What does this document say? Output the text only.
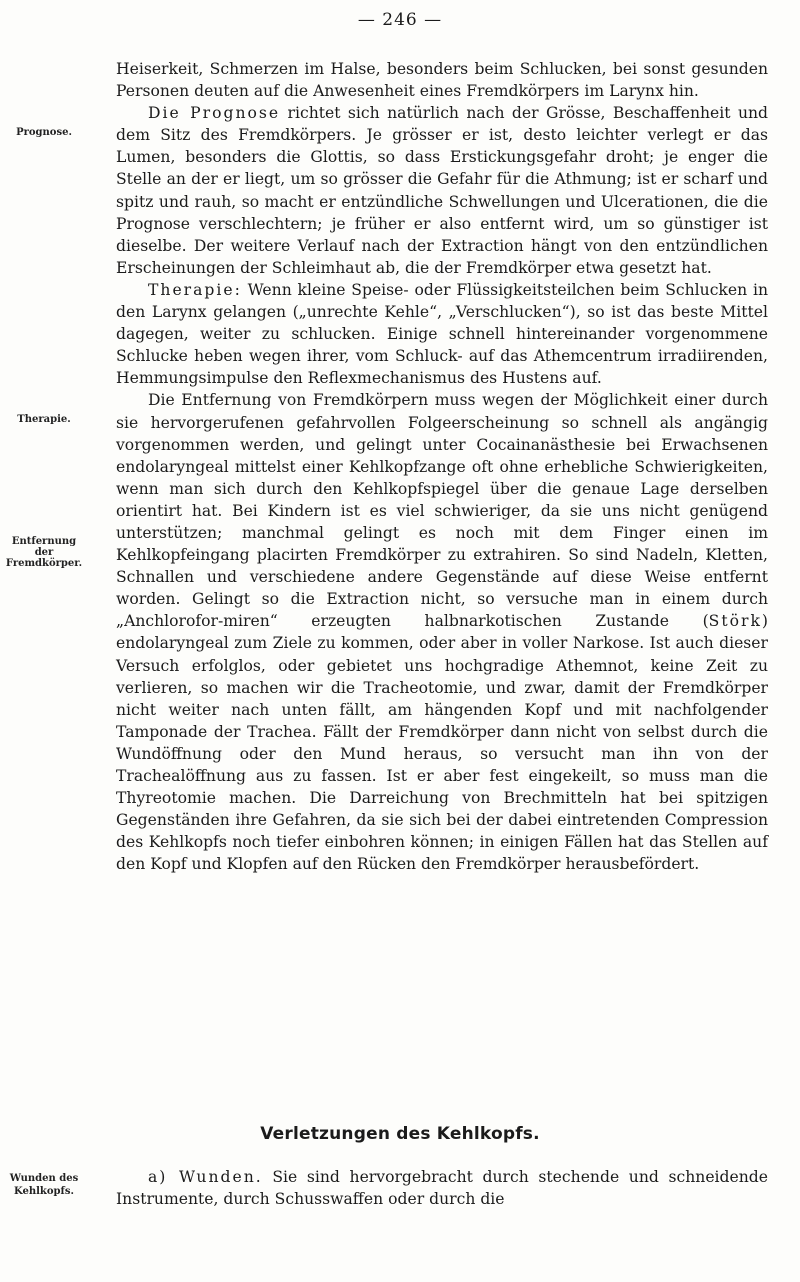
— 246 —
Prognose.
Therapie.
Entfernung
der
Fremdkörper.
Wunden des
Kehlkopfs.

Heiserkeit, Schmerzen im Halse, besonders beim Schlucken, bei sonst gesunden Personen deuten auf die Anwesenheit eines Fremdkörpers im Larynx hin.

Die Prognose richtet sich natürlich nach der Grösse, Beschaffenheit und dem Sitz des Fremdkörpers. Je grösser er ist, desto leichter verlegt er das Lumen, besonders die Glottis, so dass Erstickungsgefahr droht; je enger die Stelle an der er liegt, um so grösser die Gefahr für die Athmung; ist er scharf und spitz und rauh, so macht er entzündliche Schwellungen und Ulcerationen, die die Prognose verschlechtern; je früher er also entfernt wird, um so günstiger ist dieselbe. Der weitere Verlauf nach der Extraction hängt von den entzündlichen Erscheinungen der Schleimhaut ab, die der Fremdkörper etwa gesetzt hat.

Therapie: Wenn kleine Speise- oder Flüssigkeitsteilchen beim Schlucken in den Larynx gelangen („unrechte Kehle“, „Verschlucken“), so ist das beste Mittel dagegen, weiter zu schlucken. Einige schnell hintereinander vorgenommene Schlucke heben wegen ihrer, vom Schluck- auf das Athemcentrum irradiirenden, Hemmungsimpulse den Reflexmechanismus des Hustens auf.

Die Entfernung von Fremdkörpern muss wegen der Möglichkeit einer durch sie hervorgerufenen gefahrvollen Folgeerscheinung so schnell als angängig vorgenommen werden, und gelingt unter Cocainanästhesie bei Erwachsenen endolaryngeal mittelst einer Kehlkopfzange oft ohne erhebliche Schwierigkeiten, wenn man sich durch den Kehlkopfspiegel über die genaue Lage derselben orientirt hat. Bei Kindern ist es viel schwieriger, da sie uns nicht genügend unterstützen; manchmal gelingt es noch mit dem Finger einen im Kehlkopfeingang placirten Fremdkörper zu extrahiren. So sind Nadeln, Kletten, Schnallen und verschiedene andere Gegenstände auf diese Weise entfernt worden. Gelingt so die Extraction nicht, so versuche man in einem durch „Anchlorofor-miren“ erzeugten halbnarkotischen Zustande (Störk) endolaryngeal zum Ziele zu kommen, oder aber in voller Narkose. Ist auch dieser Versuch erfolglos, oder gebietet uns hochgradige Athemnot, keine Zeit zu verlieren, so machen wir die Tracheotomie, und zwar, damit der Fremdkörper nicht weiter nach unten fällt, am hängenden Kopf und mit nachfolgender Tamponade der Trachea. Fällt der Fremdkörper dann nicht von selbst durch die Wundöffnung oder den Mund heraus, so versucht man ihn von der Trachealöffnung aus zu fassen. Ist er aber fest eingekeilt, so muss man die Thyreotomie machen. Die Darreichung von Brechmitteln hat bei spitzigen Gegenständen ihre Gefahren, da sie sich bei der dabei eintretenden Compression des Kehlkopfs noch tiefer einbohren können; in einigen Fällen hat das Stellen auf den Kopf und Klopfen auf den Rücken den Fremdkörper herausbefördert.

Verletzungen des Kehlkopfs.

a) Wunden. Sie sind hervorgebracht durch stechende und schneidende Instrumente, durch Schusswaffen oder durch die
